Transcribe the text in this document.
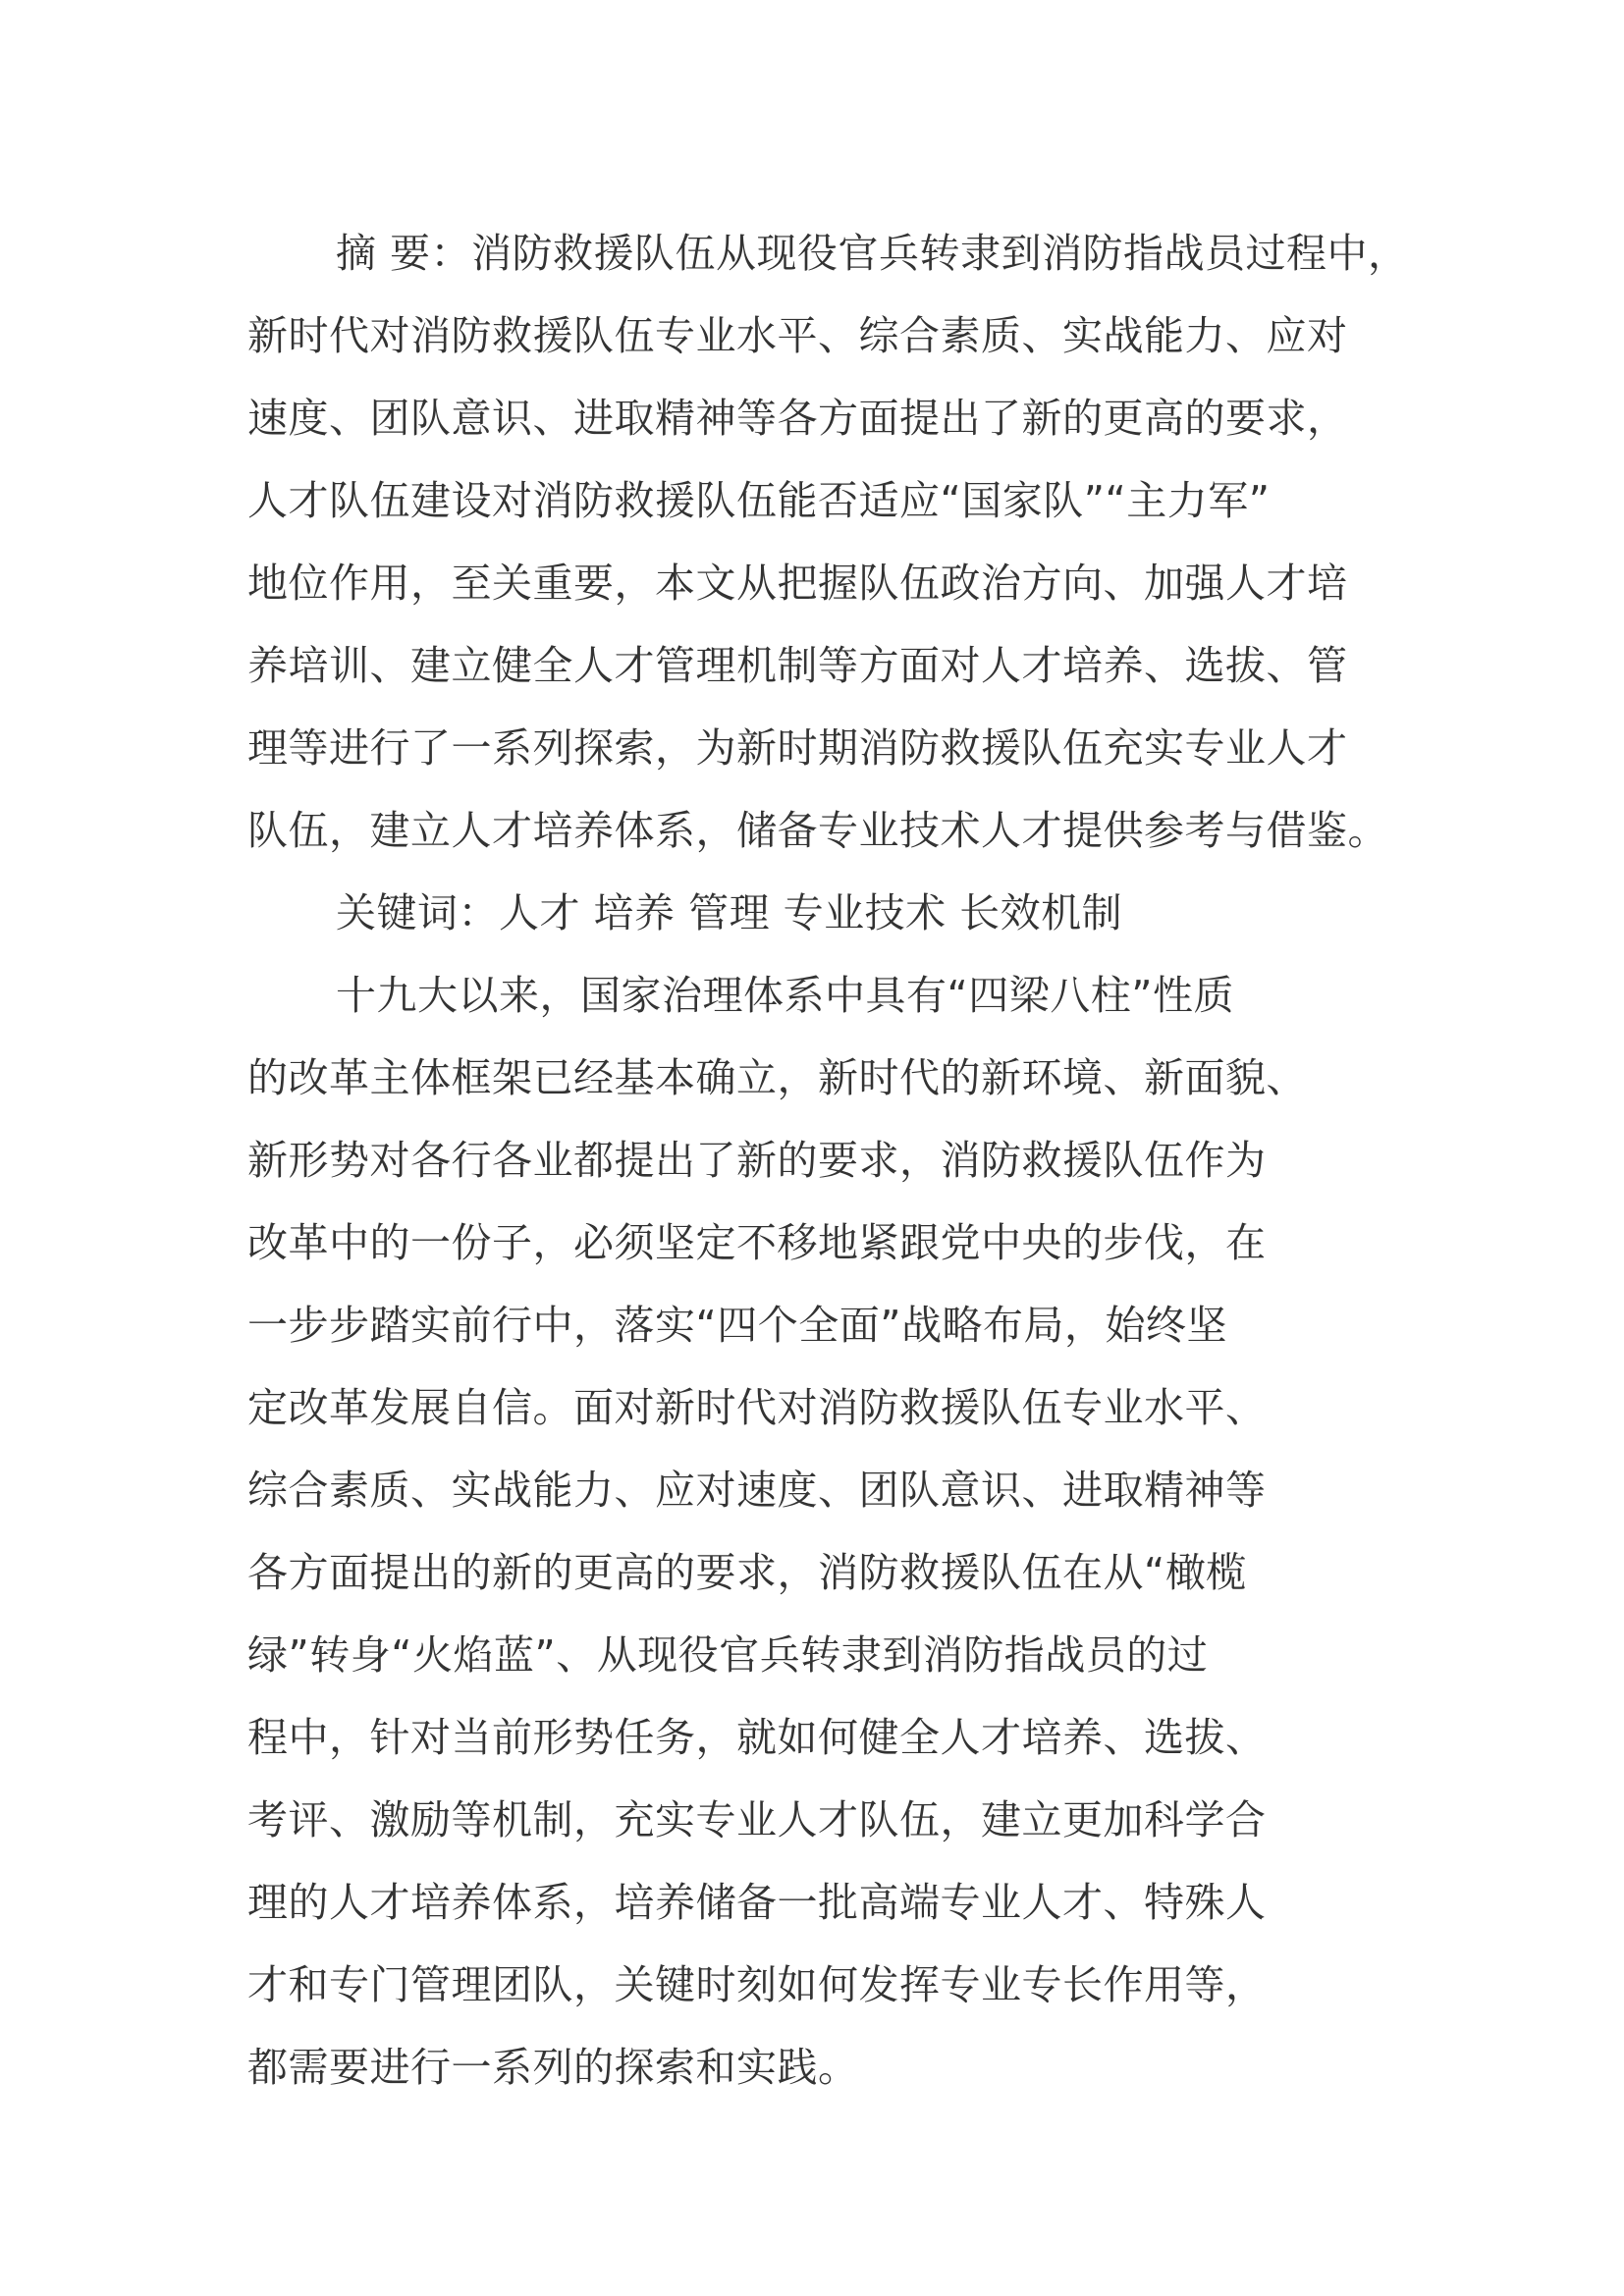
摘 要：消防救援队伍从现役官兵转隶到消防指战员过程中，
新时代对消防救援队伍专业水平、综合素质、实战能力、应对
速度、团队意识、进取精神等各方面提出了新的更高的要求，
人才队伍建设对消防救援队伍能否适应“国家队”“主力军”
地位作用，至关重要，本文从把握队伍政治方向、加强人才培
养培训、建立健全人才管理机制等方面对人才培养、选拔、管
理等进行了一系列探索，为新时期消防救援队伍充实专业人才
队伍，建立人才培养体系，储备专业技术人才提供参考与借鉴。
关键词：人才 培养 管理 专业技术 长效机制
十九大以来，国家治理体系中具有“四梁八柱”性质
的改革主体框架已经基本确立，新时代的新环境、新面貌、
新形势对各行各业都提出了新的要求，消防救援队伍作为
改革中的一份子，必须坚定不移地紧跟党中央的步伐，在
一步步踏实前行中，落实“四个全面”战略布局，始终坚
定改革发展自信。面对新时代对消防救援队伍专业水平、
综合素质、实战能力、应对速度、团队意识、进取精神等
各方面提出的新的更高的要求，消防救援队伍在从“橄榄
绿”转身“火焰蓝”、从现役官兵转隶到消防指战员的过
程中，针对当前形势任务，就如何健全人才培养、选拔、
考评、激励等机制，充实专业人才队伍，建立更加科学合
理的人才培养体系，培养储备一批高端专业人才、特殊人
才和专门管理团队，关键时刻如何发挥专业专长作用等，
都需要进行一系列的探索和实践。
